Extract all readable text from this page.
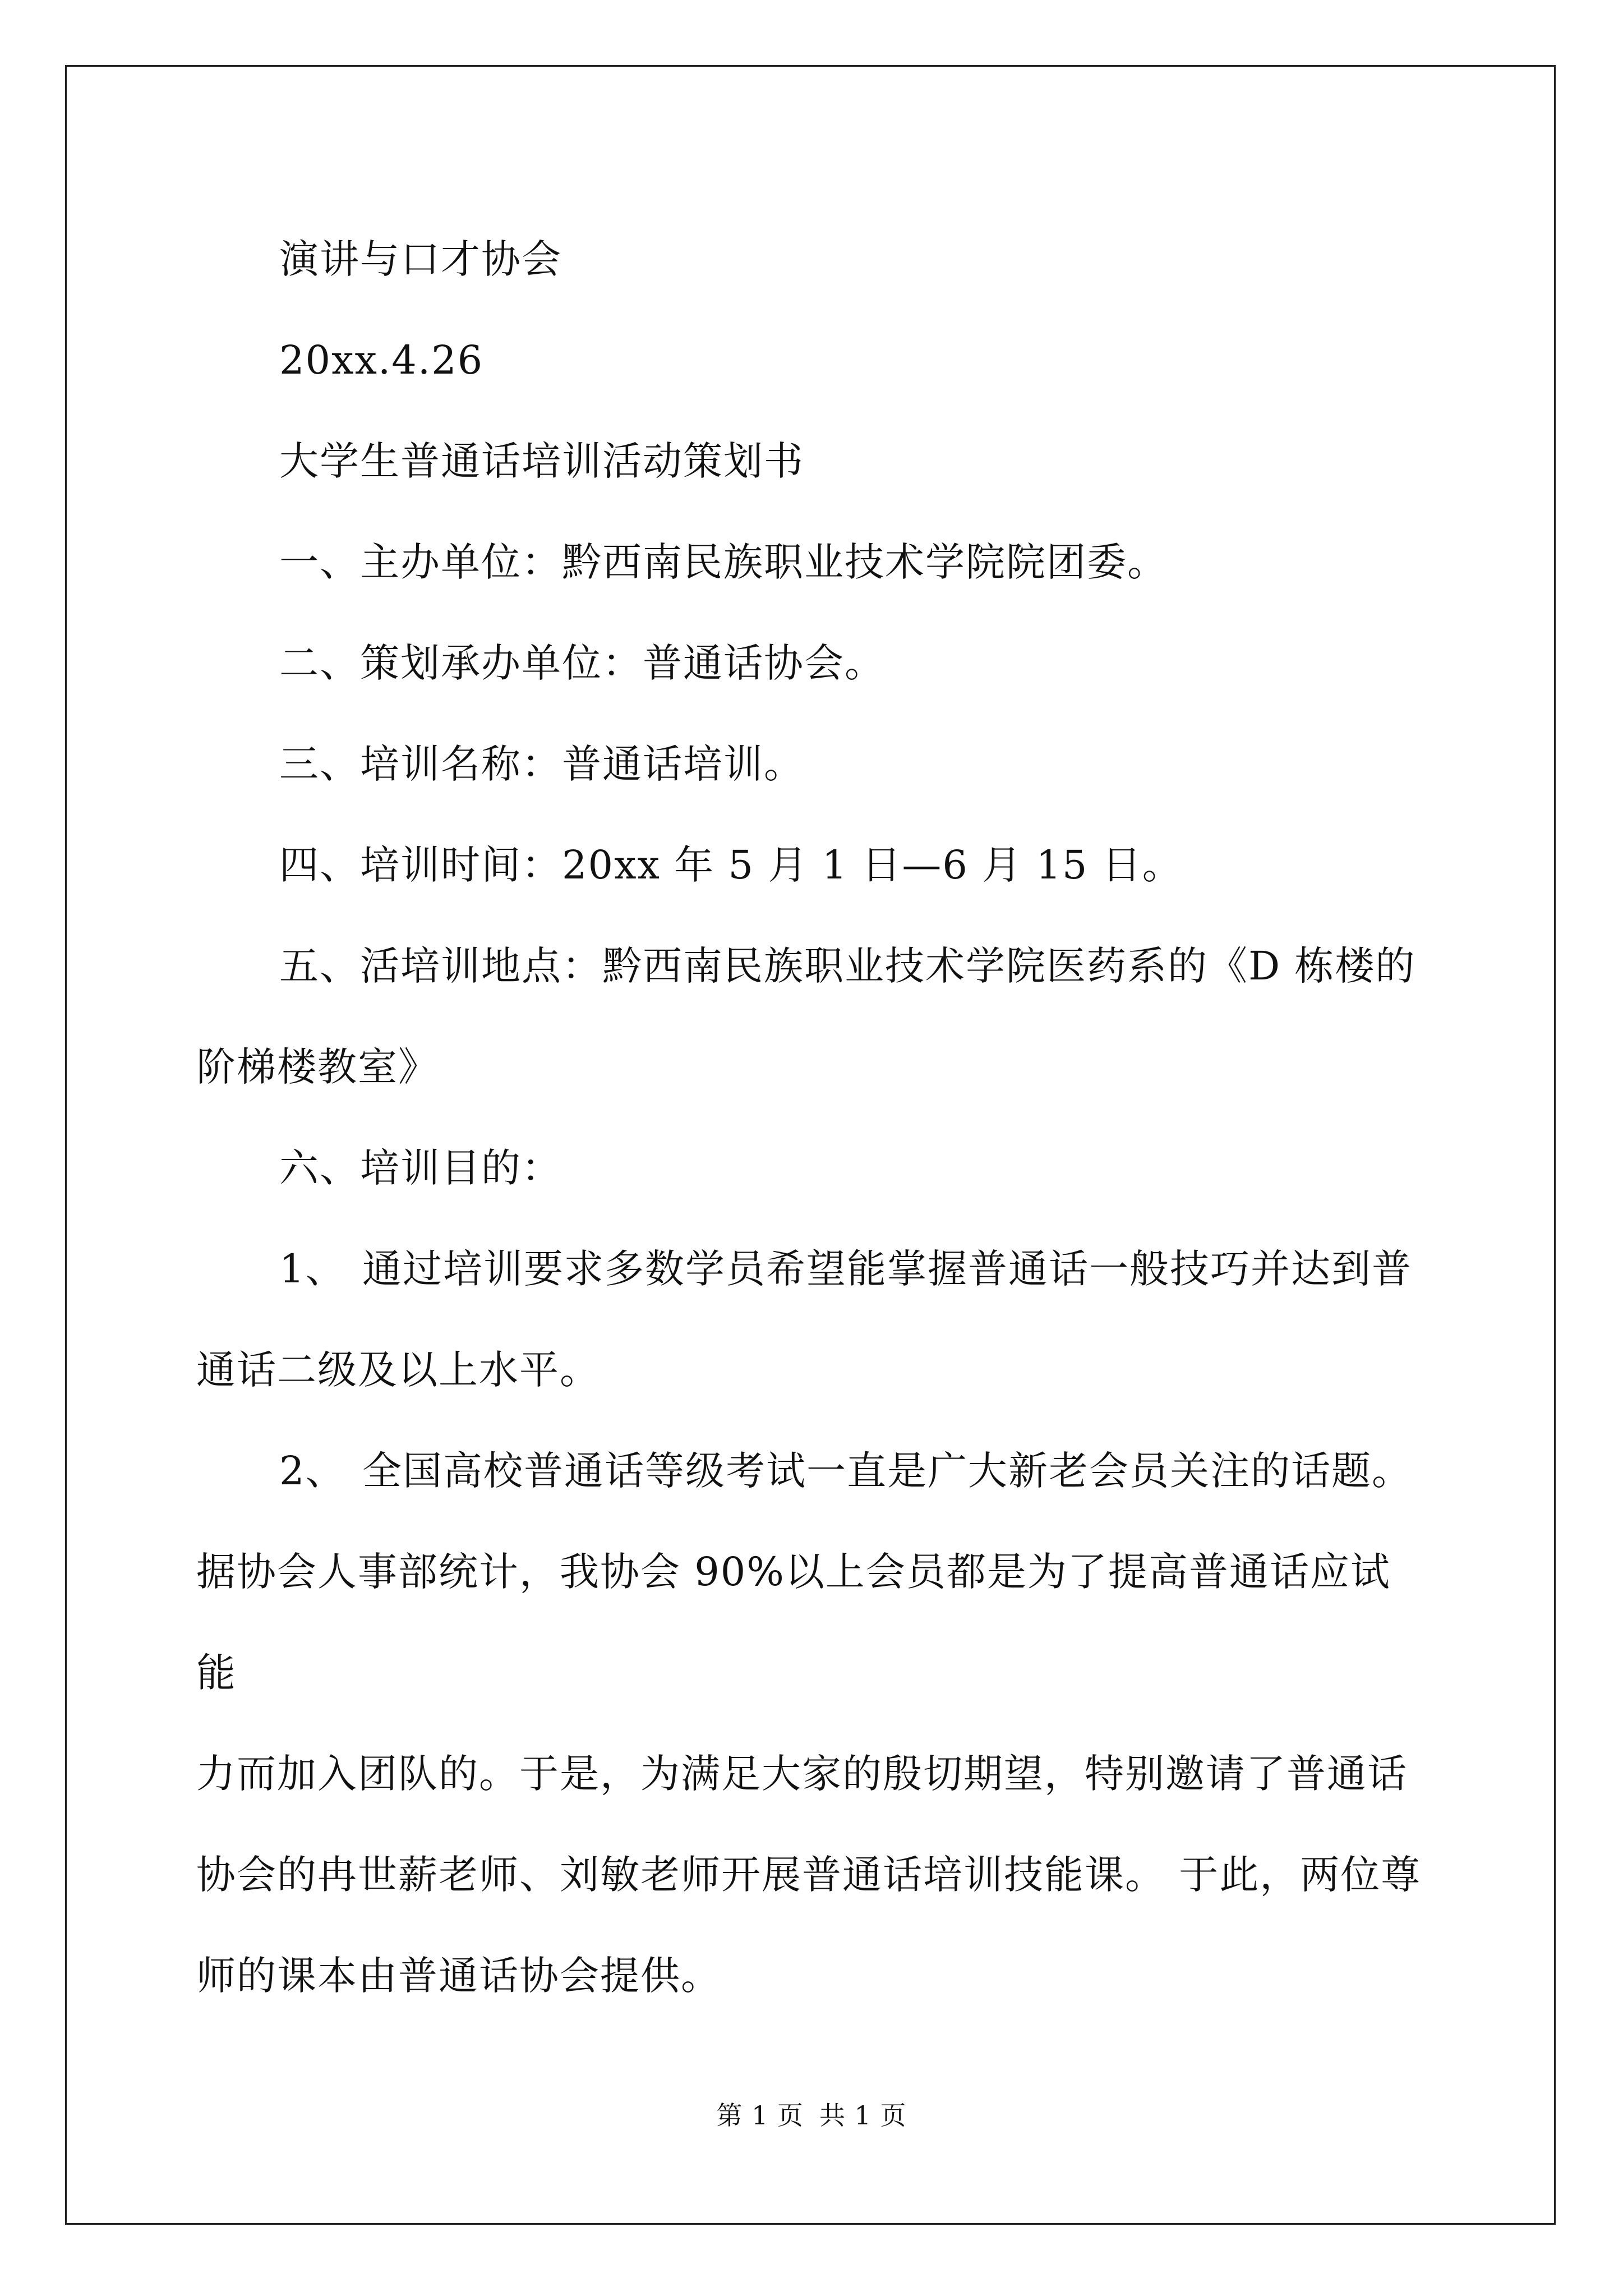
演讲与口才协会

20xx.4.26

大学生普通话培训活动策划书

一、主办单位：黔西南民族职业技术学院院团委。

二、策划承办单位：普通话协会。

三、培训名称：普通话培训。

四、培训时间：20xx 年 5 月 1 日—6 月 15 日。

五、活培训地点：黔西南民族职业技术学院医药系的《D 栋楼的

阶梯楼教室》

六、培训目的：

1、 通过培训要求多数学员希望能掌握普通话一般技巧并达到普

通话二级及以上水平。

2、 全国高校普通话等级考试一直是广大新老会员关注的话题。

据协会人事部统计，我协会 90%以上会员都是为了提高普通话应试能

力而加入团队的。于是，为满足大家的殷切期望，特别邀请了普通话

协会的冉世薪老师、刘敏老师开展普通话培训技能课。 于此，两位尊

师的课本由普通话协会提供。

第 1 页 共 1 页
